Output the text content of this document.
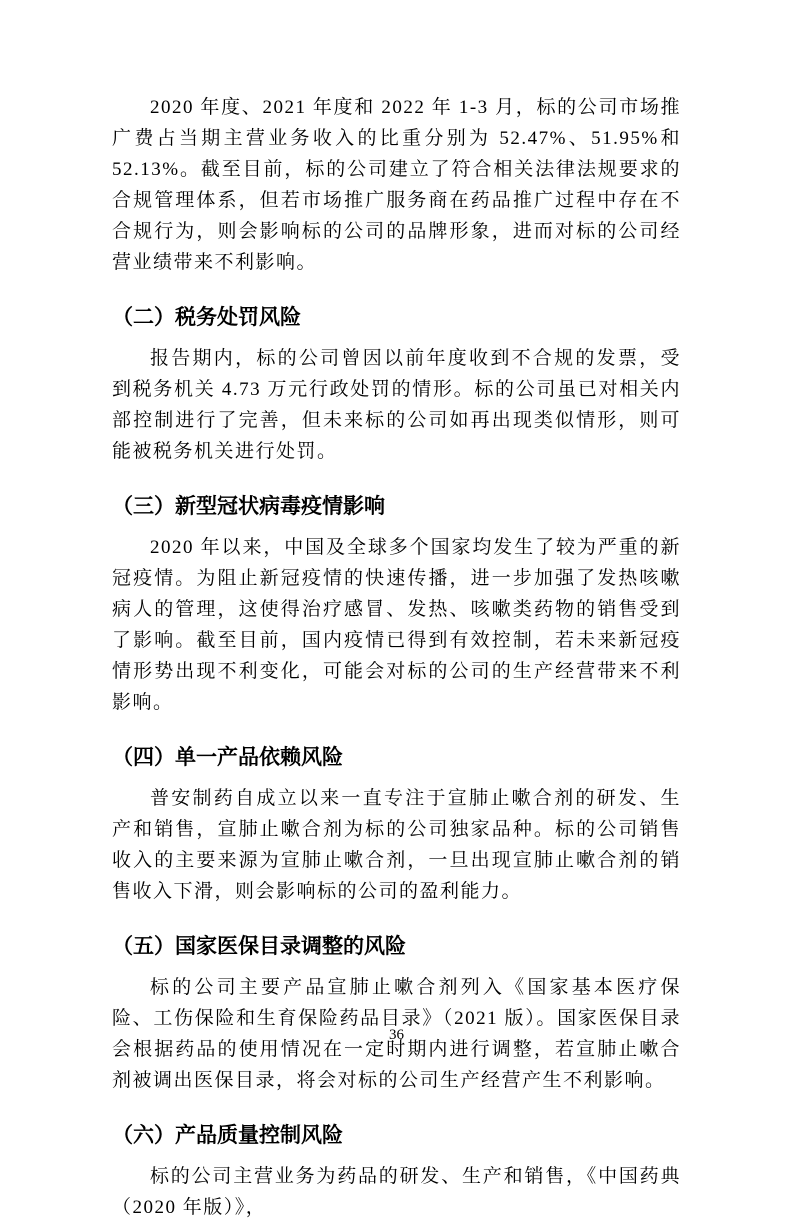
2020 年度、2021 年度和 2022 年 1-3 月，标的公司市场推广费占当期主营业务收入的比重分别为 52.47%、51.95%和 52.13%。截至目前，标的公司建立了符合相关法律法规要求的合规管理体系，但若市场推广服务商在药品推广过程中存在不合规行为，则会影响标的公司的品牌形象，进而对标的公司经营业绩带来不利影响。

（二）税务处罚风险

报告期内，标的公司曾因以前年度收到不合规的发票，受到税务机关 4.73 万元行政处罚的情形。标的公司虽已对相关内部控制进行了完善，但未来标的公司如再出现类似情形，则可能被税务机关进行处罚。

（三）新型冠状病毒疫情影响

2020 年以来，中国及全球多个国家均发生了较为严重的新冠疫情。为阻止新冠疫情的快速传播，进一步加强了发热咳嗽病人的管理，这使得治疗感冒、发热、咳嗽类药物的销售受到了影响。截至目前，国内疫情已得到有效控制，若未来新冠疫情形势出现不利变化，可能会对标的公司的生产经营带来不利影响。

（四）单一产品依赖风险

普安制药自成立以来一直专注于宣肺止嗽合剂的研发、生产和销售，宣肺止嗽合剂为标的公司独家品种。标的公司销售收入的主要来源为宣肺止嗽合剂，一旦出现宣肺止嗽合剂的销售收入下滑，则会影响标的公司的盈利能力。

（五）国家医保目录调整的风险

标的公司主要产品宣肺止嗽合剂列入《国家基本医疗保险、工伤保险和生育保险药品目录》（2021 版）。国家医保目录会根据药品的使用情况在一定时期内进行调整，若宣肺止嗽合剂被调出医保目录，将会对标的公司生产经营产生不利影响。

（六）产品质量控制风险

标的公司主营业务为药品的研发、生产和销售，《中国药典（2020 年版）》，

36
